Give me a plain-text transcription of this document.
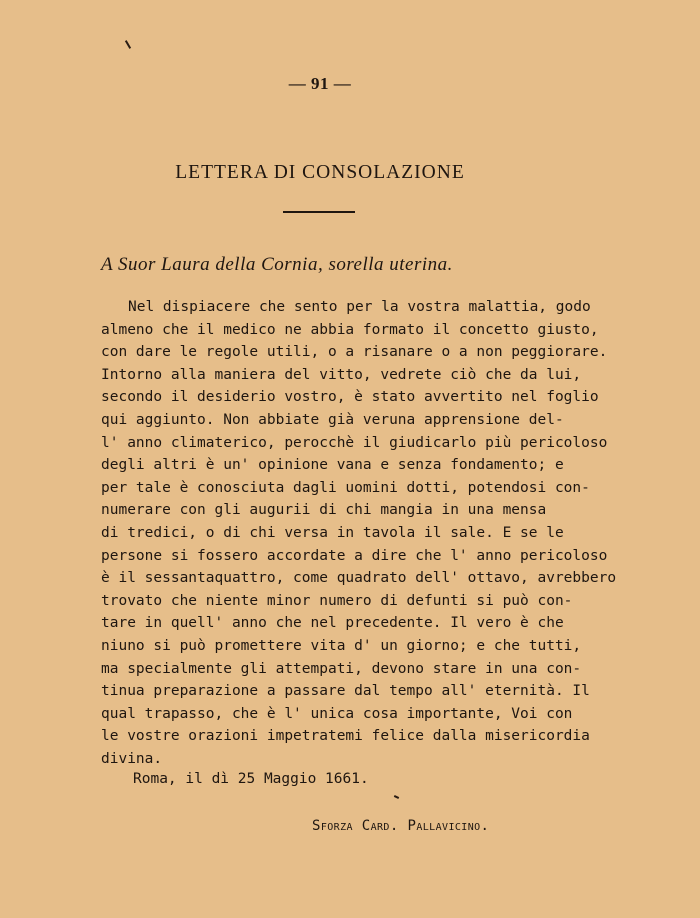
— 91 —
LETTERA DI CONSOLAZIONE
A Suor Laura della Cornia, sorella uterina.
Nel dispiacere che sento per la vostra malattia, godo
almeno che il medico ne abbia formato il concetto giusto,
con dare le regole utili, o a risanare o a non peggiorare.
Intorno alla maniera del vitto, vedrete ciò che da lui,
secondo il desiderio vostro, è stato avvertito nel foglio
qui aggiunto. Non abbiate già veruna apprensione del-
l' anno climaterico, perocchè il giudicarlo più pericoloso
degli altri è un' opinione vana e senza fondamento; e
per tale è conosciuta dagli uomini dotti, potendosi con-
numerare con gli augurii di chi mangia in una mensa
di tredici, o di chi versa in tavola il sale. E se le
persone si fossero accordate a dire che l' anno pericoloso
è il sessantaquattro, come quadrato dell' ottavo, avrebbero
trovato che niente minor numero di defunti si può con-
tare in quell' anno che nel precedente. Il vero è che
niuno si può promettere vita d' un giorno; e che tutti,
ma specialmente gli attempati, devono stare in una con-
tinua preparazione a passare dal tempo all' eternità. Il
qual trapasso, che è l' unica cosa importante, Voi con
le vostre orazioni impetratemi felice dalla misericordia
divina.
Roma, il dì 25 Maggio 1661.
Sforza Card. Pallavicino.
